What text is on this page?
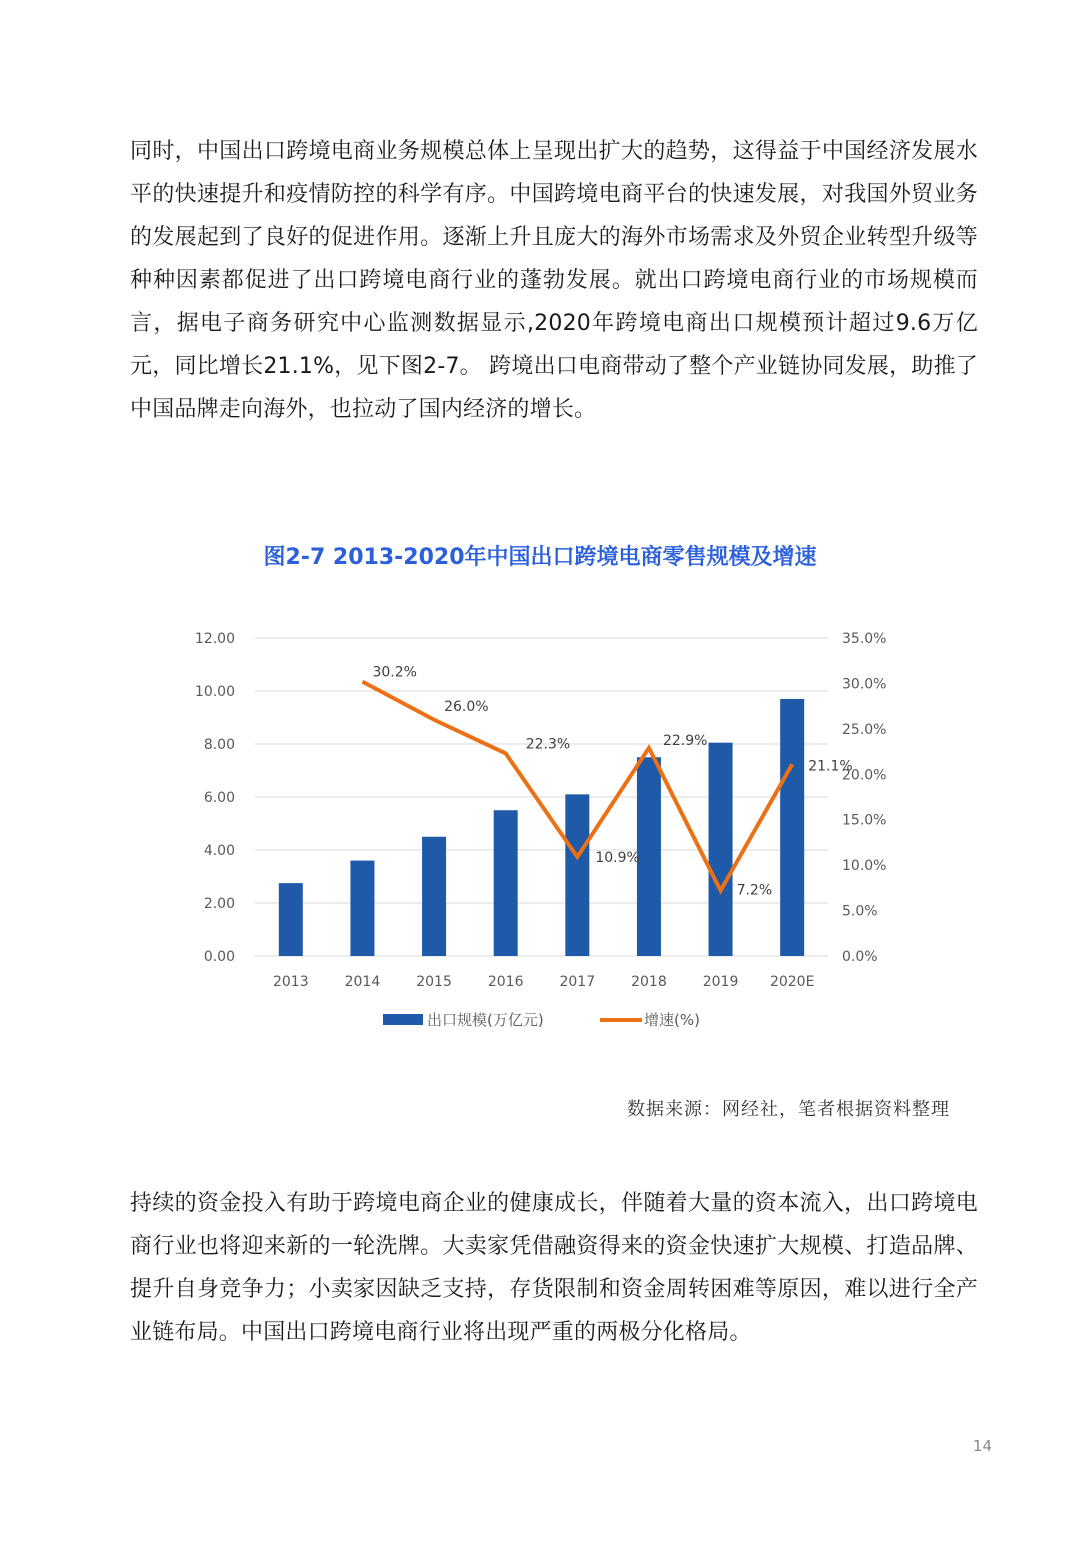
同时，中国出口跨境电商业务规模总体上呈现出扩大的趋势，这得益于中国经济发展水平的快速提升和疫情防控的科学有序。中国跨境电商平台的快速发展，对我国外贸业务的发展起到了良好的促进作用。逐渐上升且庞大的海外市场需求及外贸企业转型升级等种种因素都促进了出口跨境电商行业的蓬勃发展。就出口跨境电商行业的市场规模而言，据电子商务研究中心监测数据显示,2020年跨境电商出口规模预计超过9.6万亿元，同比增长21.1%，见下图2-7。 跨境出口电商带动了整个产业链协同发展，助推了中国品牌走向海外，也拉动了国内经济的增长。
图2-7 2013-2020年中国出口跨境电商零售规模及增速
0.00
2.00
4.00
6.00
8.00
10.00
12.00
0.0%
5.0%
10.0%
15.0%
20.0%
25.0%
30.0%
35.0%
2013	2014	2015	2016	2017	2018	2019 2020E
30.2%
26.0%
22.3%
10.9%
22.9%
7.2%
21.1%
出口规模(万亿元)	增速(%)
数据来源：网经社，笔者根据资料整理
持续的资金投入有助于跨境电商企业的健康成长，伴随着大量的资本流入，出口跨境电商行业也将迎来新的一轮洗牌。大卖家凭借融资得来的资金快速扩大规模、打造品牌、提升自身竞争力；小卖家因缺乏支持，存货限制和资金周转困难等原因，难以进行全产业链布局。中国出口跨境电商行业将出现严重的两极分化格局。
14
